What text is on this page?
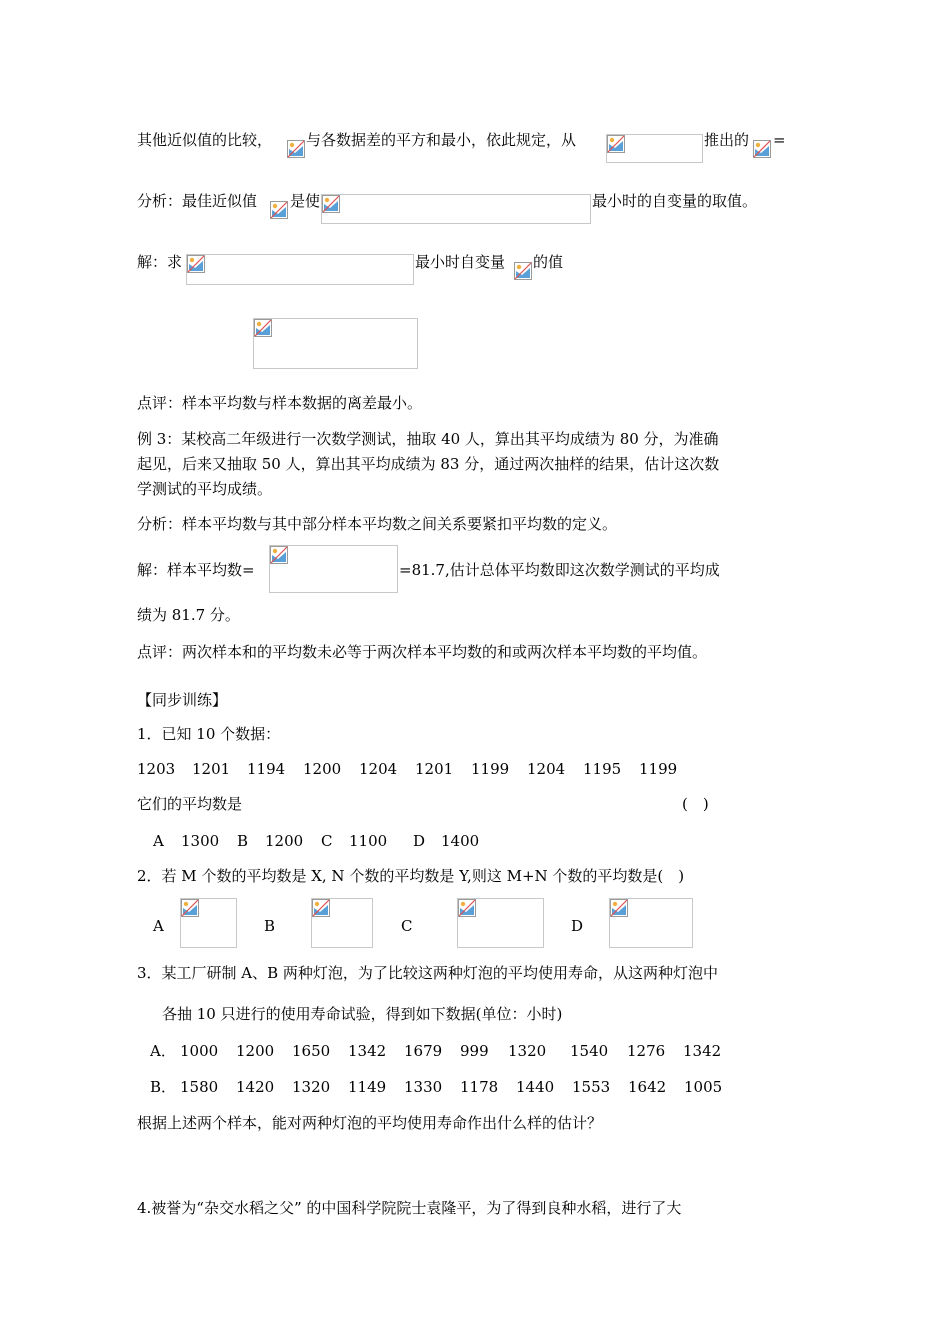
其他近似值的比较， 与各数据差的平方和最小，依此规定，从	推出的 =
分析：最佳近似值 是使	最小时的自变量的取值。
解：求	最小时自变量 的值
点评：样本平均数与样本数据的离差最小。
例 3：某校高二年级进行一次数学测试，抽取 40 人，算出其平均成绩为 80 分，为准确
起见，后来又抽取 50 人，算出其平均成绩为 83 分，通过两次抽样的结果，估计这次数
学测试的平均成绩。
分析：样本平均数与其中部分样本平均数之间关系要紧扣平均数的定义。
解：样本平均数=	=81.7,估计总体平均数即这次数学测试的平均成
绩为 81.7 分。
点评：两次样本和的平均数未必等于两次样本平均数的和或两次样本平均数的平均值。
【同步训练】
1．已知 10 个数据：
1203 1201 1194 1200 1204 1201 1199 1204 1195 1199
它们的平均数是	(　)
A 1300 B 1200 C 1100 D 1400
2．若 M 个数的平均数是 X, N 个数的平均数是 Y,则这 M+N 个数的平均数是(　)
A	B	C	D
3．某工厂研制 A、B 两种灯泡，为了比较这两种灯泡的平均使用寿命，从这两种灯泡中
各抽 10 只进行的使用寿命试验，得到如下数据(单位：小时)
A． 1000 1200 1650 1342 1679 999 1320 1540 1276 1342
B． 1580 1420 1320 1149 1330 1178 1440 1553 1642 1005
根据上述两个样本，能对两种灯泡的平均使用寿命作出什么样的估计？
4.被誉为“杂交水稻之父” 的中国科学院院士袁隆平，为了得到良种水稻，进行了大
